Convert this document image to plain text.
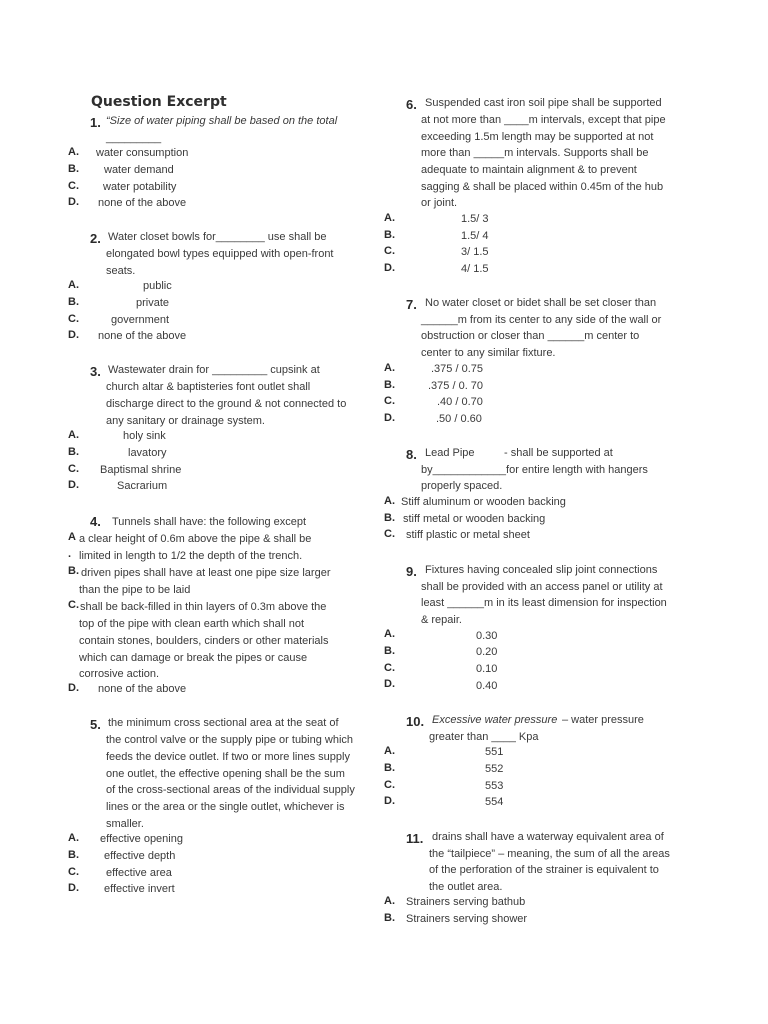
Question Excerpt
1. “Size of water piping shall be based on the total
_________
A. water consumption
B. water demand
C. water potability
D. none of the above
2. Water closet bowls for________ use shall be
elongated bowl types equipped with open-front
seats.
A.	public
B.	private
C.	government
D. none of the above
3. Wastewater drain for _________ cupsink at
church altar & baptisteries font outlet shall
discharge direct to the ground & not connected to
any sanitary or drainage system.
A.	holy sink
B.	lavatory
C. Baptismal shrine
D.	Sacrarium
4. Tunnels shall have: the following except
A a clear height of 0.6m above the pipe & shall be
. limited in length to 1/2 the depth of the trench.
B. driven pipes shall have at least one pipe size larger
than the pipe to be laid
C. shall be back-filled in thin layers of 0.3m above the
top of the pipe with clean earth which shall not
contain stones, boulders, cinders or other materials
which can damage or break the pipes or cause
corrosive action.
D. none of the above
5. the minimum cross sectional area at the seat of
the control valve or the supply pipe or tubing which
feeds the device outlet. If two or more lines supply
one outlet, the effective opening shall be the sum
of the cross-sectional areas of the individual supply
lines or the area or the single outlet, whichever is
smaller.
A. effective opening
B. effective depth
C. effective area
D. effective invert
6. Suspended cast iron soil pipe shall be supported
at not more than ____m intervals, except that pipe
exceeding 1.5m length may be supported at not
more than _____m intervals. Supports shall be
adequate to maintain alignment & to prevent
sagging & shall be placed within 0.45m of the hub
or joint.
A.	1.5/ 3
B.	1.5/ 4
C.	3/ 1.5
D.	4/ 1.5
7. No water closet or bidet shall be set closer than
______m from its center to any side of the wall or
obstruction or closer than ______m center to
center to any similar fixture.
A.	.375 / 0.75
B.	.375 / 0. 70
C.	.40 / 0.70
D.	.50 / 0.60
8. Lead Pipe	- shall be supported at
by____________for entire length with hangers
properly spaced.
A. Stiff aluminum or wooden backing
B. stiff metal or wooden backing
C. stiff plastic or metal sheet
9. Fixtures having concealed slip joint connections
shall be provided with an access panel or utility at
least ______m in its least dimension for inspection
& repair.
A.	0.30
B.	0.20
C.	0.10
D.	0.40
10. Excessive water pressure – water pressure
greater than ____ Kpa
A.	551
B.	552
C.	553
D.	554
11. drains shall have a waterway equivalent area of
the “tailpiece” – meaning, the sum of all the areas
of the perforation of the strainer is equivalent to
the outlet area.
A. Strainers serving bathub
B. Strainers serving shower
